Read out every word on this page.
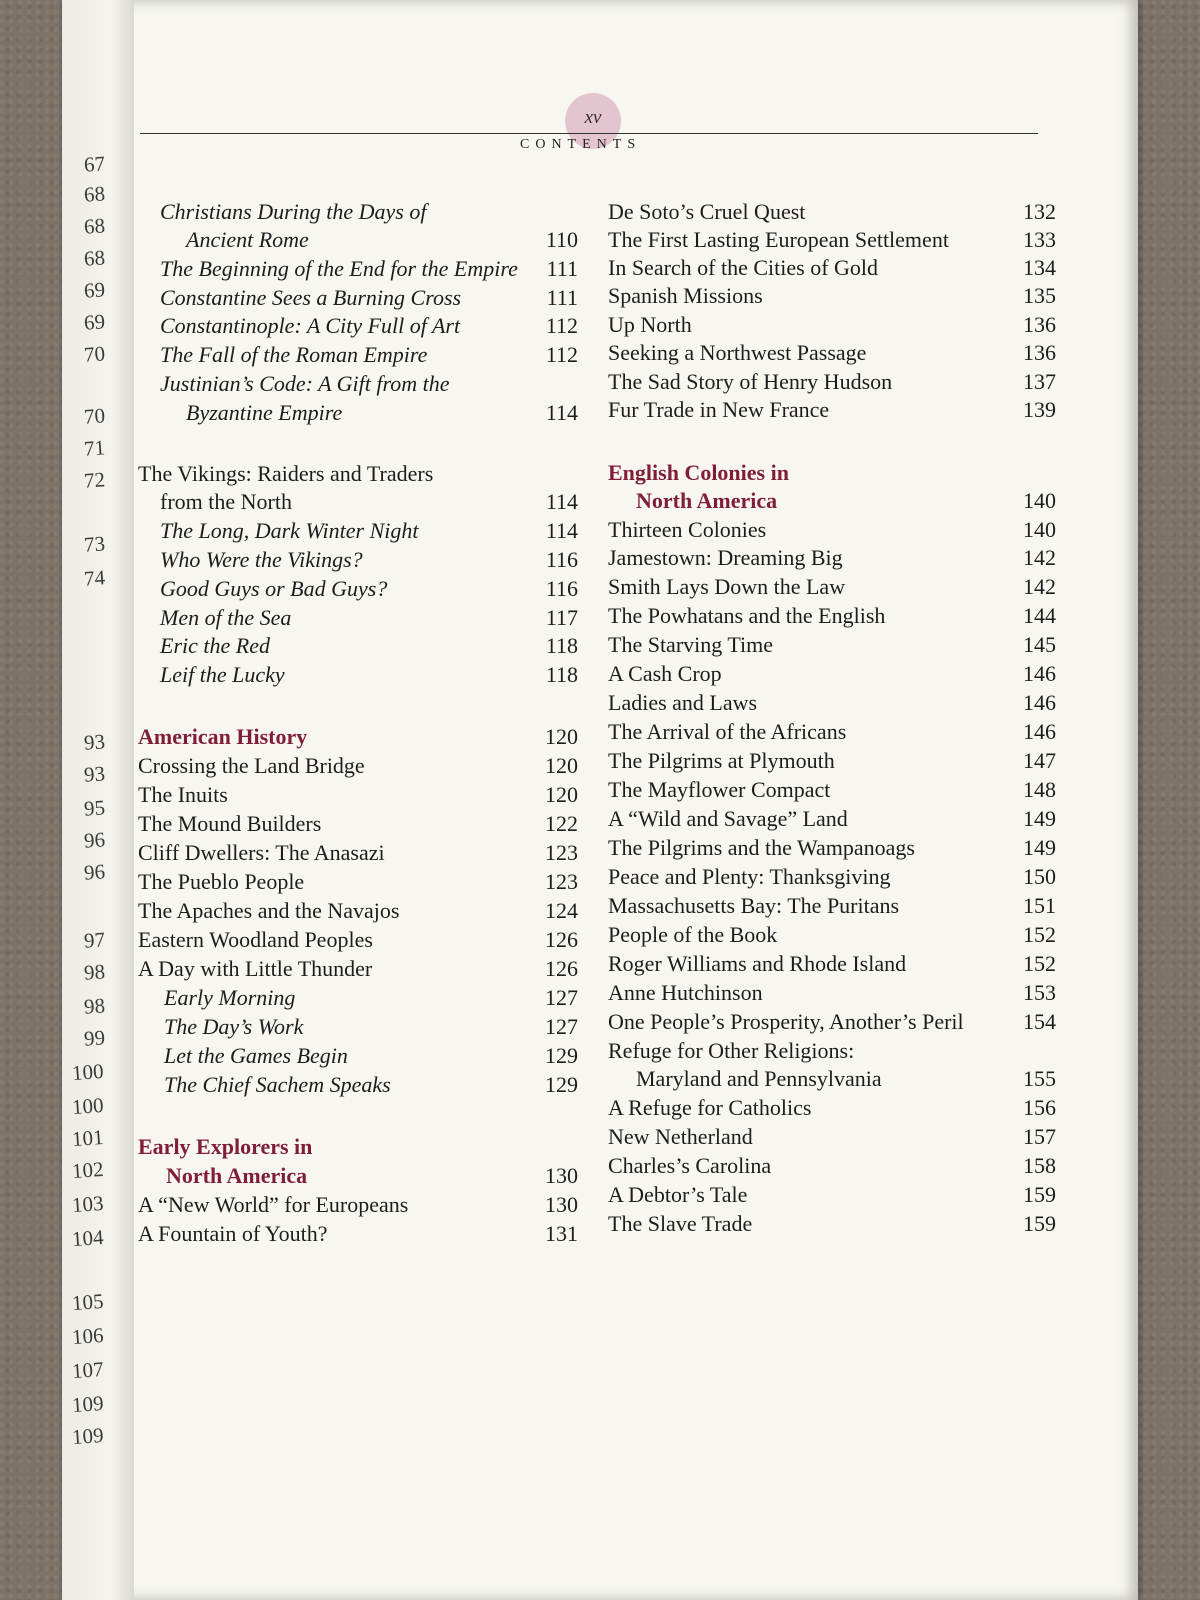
67
68
68
68
69
69
70
70
71
72
73
74
93
93
95
96
96
97
98
98
99
100
100
101
102
103
104
105
106
107
109
109
xv
CONTENTS
Christians During the Days of
Ancient Rome	110
The Beginning of the End for the Empire 111
Constantine Sees a Burning Cross	111
Constantinople: A City Full of Art	112
The Fall of the Roman Empire	112
Justinian’s Code: A Gift from the
Byzantine Empire	114
The Vikings: Raiders and Traders
from the North	114
The Long, Dark Winter Night	114
Who Were the Vikings?	116
Good Guys or Bad Guys?	116
Men of the Sea	117
Eric the Red	118
Leif the Lucky	118
American History	120
Crossing the Land Bridge	120
The Inuits	120
The Mound Builders	122
Cliff Dwellers: The Anasazi	123
The Pueblo People	123
The Apaches and the Navajos	124
Eastern Woodland Peoples	126
A Day with Little Thunder	126
Early Morning	127
The Day’s Work	127
Let the Games Begin	129
The Chief Sachem Speaks	129
Early Explorers in
North America	130
A “New World” for Europeans	130
A Fountain of Youth?	131
De Soto’s Cruel Quest	132
The First Lasting European Settlement	133
In Search of the Cities of Gold	134
Spanish Missions	135
Up North	136
Seeking a Northwest Passage	136
The Sad Story of Henry Hudson	137
Fur Trade in New France	139
English Colonies in
North America	140
Thirteen Colonies	140
Jamestown: Dreaming Big	142
Smith Lays Down the Law	142
The Powhatans and the English	144
The Starving Time	145
A Cash Crop	146
Ladies and Laws	146
The Arrival of the Africans	146
The Pilgrims at Plymouth	147
The Mayflower Compact	148
A “Wild and Savage” Land	149
The Pilgrims and the Wampanoags	149
Peace and Plenty: Thanksgiving	150
Massachusetts Bay: The Puritans	151
People of the Book	152
Roger Williams and Rhode Island	152
Anne Hutchinson	153
One People’s Prosperity, Another’s Peril	154
Refuge for Other Religions:
Maryland and Pennsylvania	155
A Refuge for Catholics	156
New Netherland	157
Charles’s Carolina	158
A Debtor’s Tale	159
The Slave Trade	159
